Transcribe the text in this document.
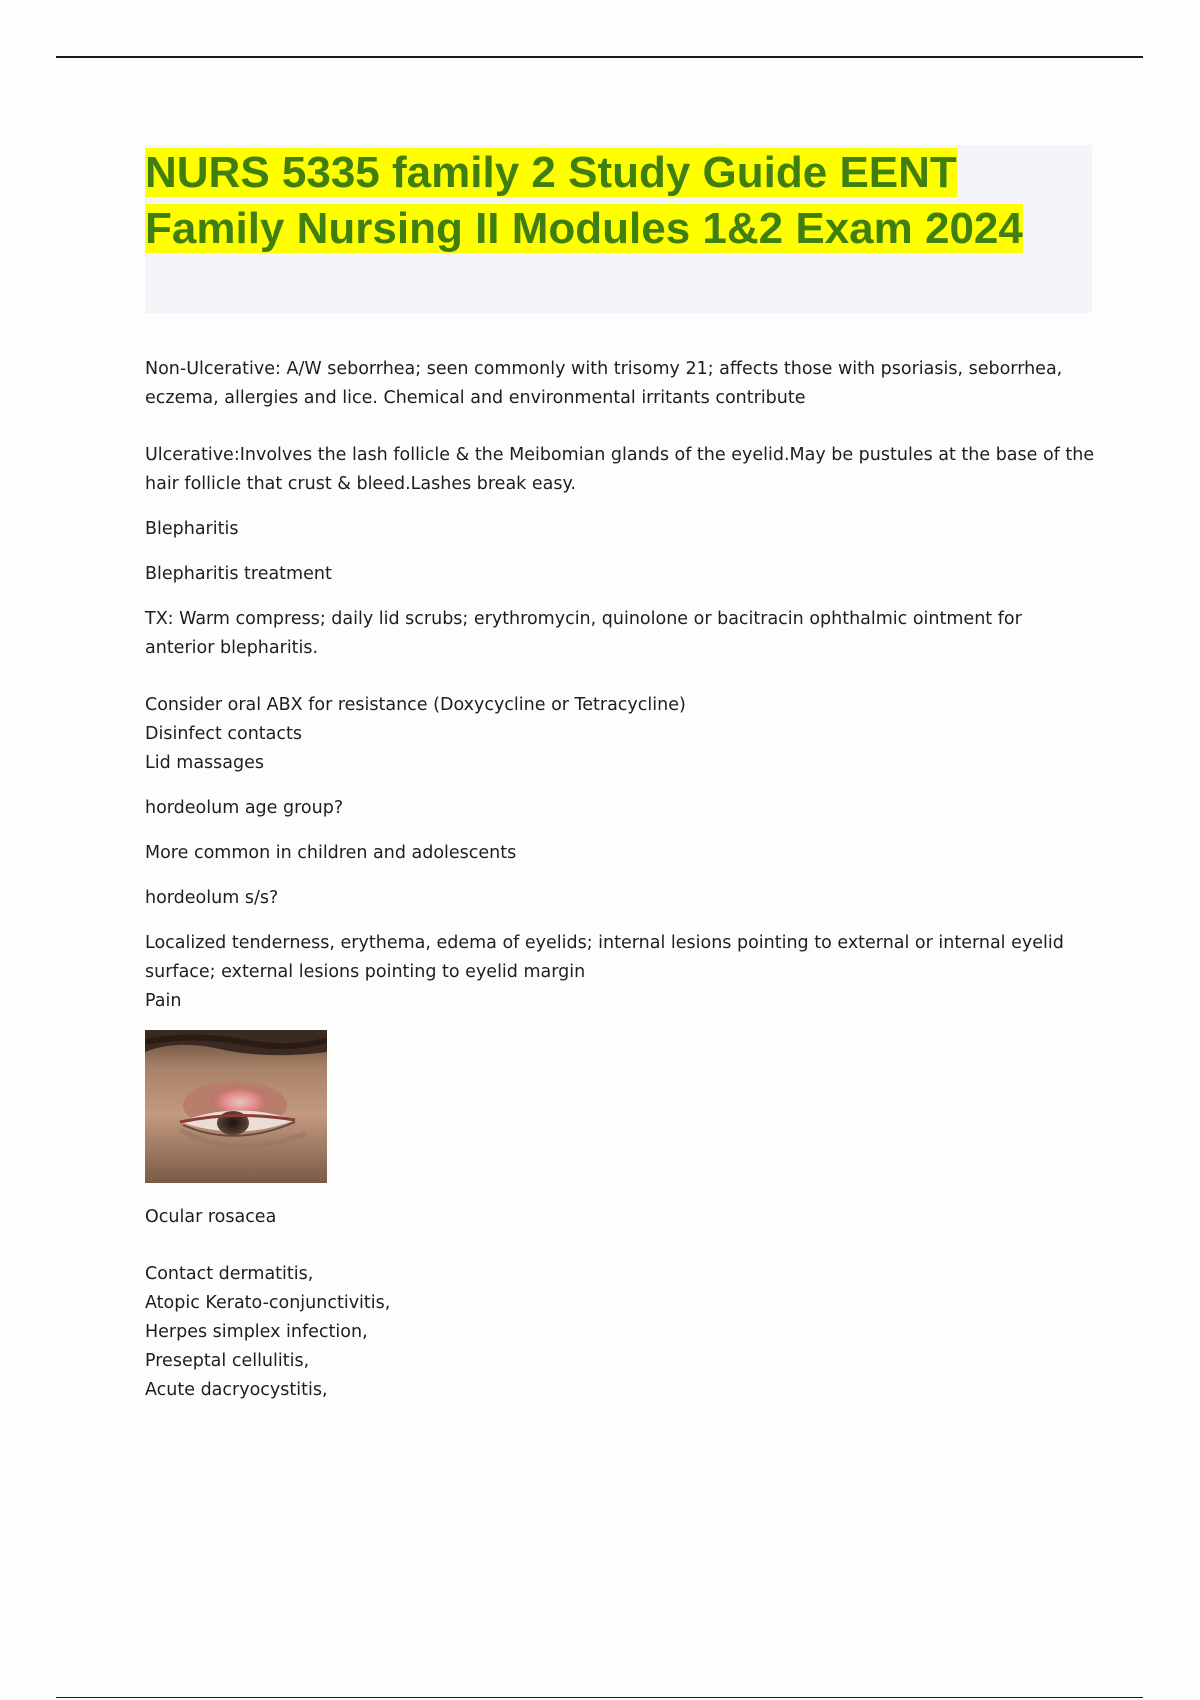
NURS 5335 family 2 Study Guide EENT Family Nursing II Modules 1&2 Exam 2024

Non-Ulcerative: A/W seborrhea; seen commonly with trisomy 21; affects those with psoriasis, seborrhea, eczema, allergies and lice. Chemical and environmental irritants contribute

Ulcerative:Involves the lash follicle & the Meibomian glands of the eyelid.May be pustules at the base of the hair follicle that crust & bleed.Lashes break easy.

Blepharitis

Blepharitis treatment

TX: Warm compress; daily lid scrubs; erythromycin, quinolone or bacitracin ophthalmic ointment for anterior blepharitis.

Consider oral ABX for resistance (Doxycycline or Tetracycline)

Disinfect contacts

Lid massages

hordeolum age group?

More common in children and adolescents

hordeolum s/s?

Localized tenderness, erythema, edema of eyelids; internal lesions pointing to external or internal eyelid surface; external lesions pointing to eyelid margin

Pain

Ocular rosacea

Contact dermatitis,

Atopic Kerato-conjunctivitis,

Herpes simplex infection,

Preseptal cellulitis,

Acute dacryocystitis,
